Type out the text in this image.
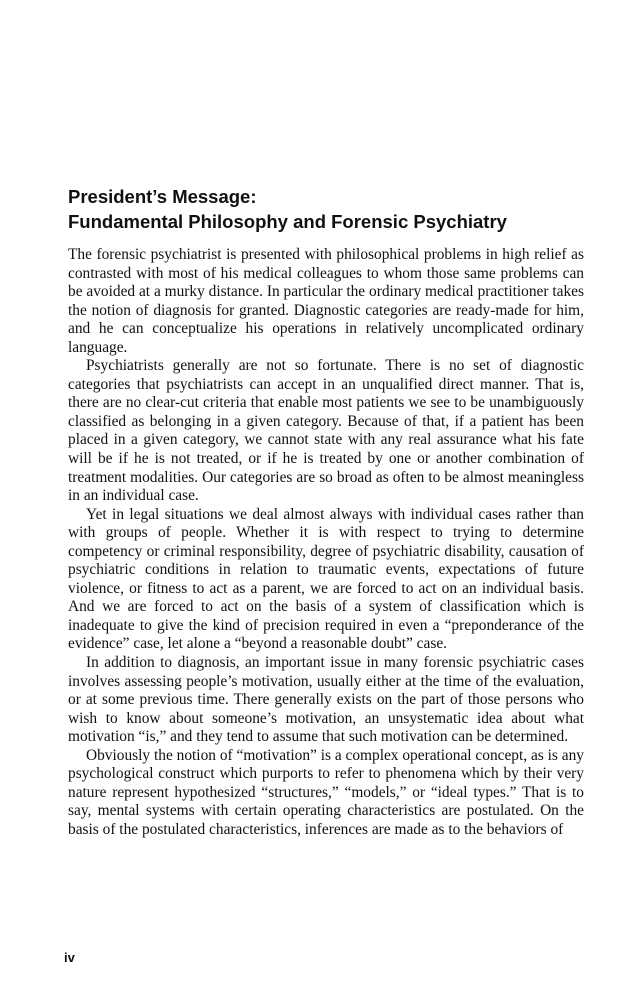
President’s Message:
Fundamental Philosophy and Forensic Psychiatry

The forensic psychiatrist is presented with philosophical problems in high relief as contrasted with most of his medical colleagues to whom those same problems can be avoided at a murky distance. In particular the ordinary medical practitioner takes the notion of diagnosis for granted. Diagnostic categories are ready-made for him, and he can conceptualize his operations in relatively uncomplicated ordinary language.

Psychiatrists generally are not so fortunate. There is no set of diagnostic categories that psychiatrists can accept in an unqualified direct manner. That is, there are no clear-cut criteria that enable most patients we see to be unambiguously classified as belonging in a given category. Because of that, if a patient has been placed in a given category, we cannot state with any real assurance what his fate will be if he is not treated, or if he is treated by one or another combination of treatment modalities. Our categories are so broad as often to be almost meaningless in an individual case.

Yet in legal situations we deal almost always with individual cases rather than with groups of people. Whether it is with respect to trying to determine competency or criminal responsibility, degree of psychiatric disability, causation of psychiatric conditions in relation to traumatic events, expectations of future violence, or fitness to act as a parent, we are forced to act on an individual basis. And we are forced to act on the basis of a system of classification which is inadequate to give the kind of precision required in even a “preponderance of the evidence” case, let alone a “beyond a reasonable doubt” case.

In addition to diagnosis, an important issue in many forensic psychiatric cases involves assessing people’s motivation, usually either at the time of the evaluation, or at some previous time. There generally exists on the part of those persons who wish to know about someone’s motivation, an unsystematic idea about what motivation “is,” and they tend to assume that such motivation can be determined.

Obviously the notion of “motivation” is a complex operational concept, as is any psychological construct which purports to refer to phenomena which by their very nature represent hypothesized “structures,” “models,” or “ideal types.” That is to say, mental systems with certain operating characteristics are postulated. On the basis of the postulated characteristics, inferences are made as to the behaviors of

iv
